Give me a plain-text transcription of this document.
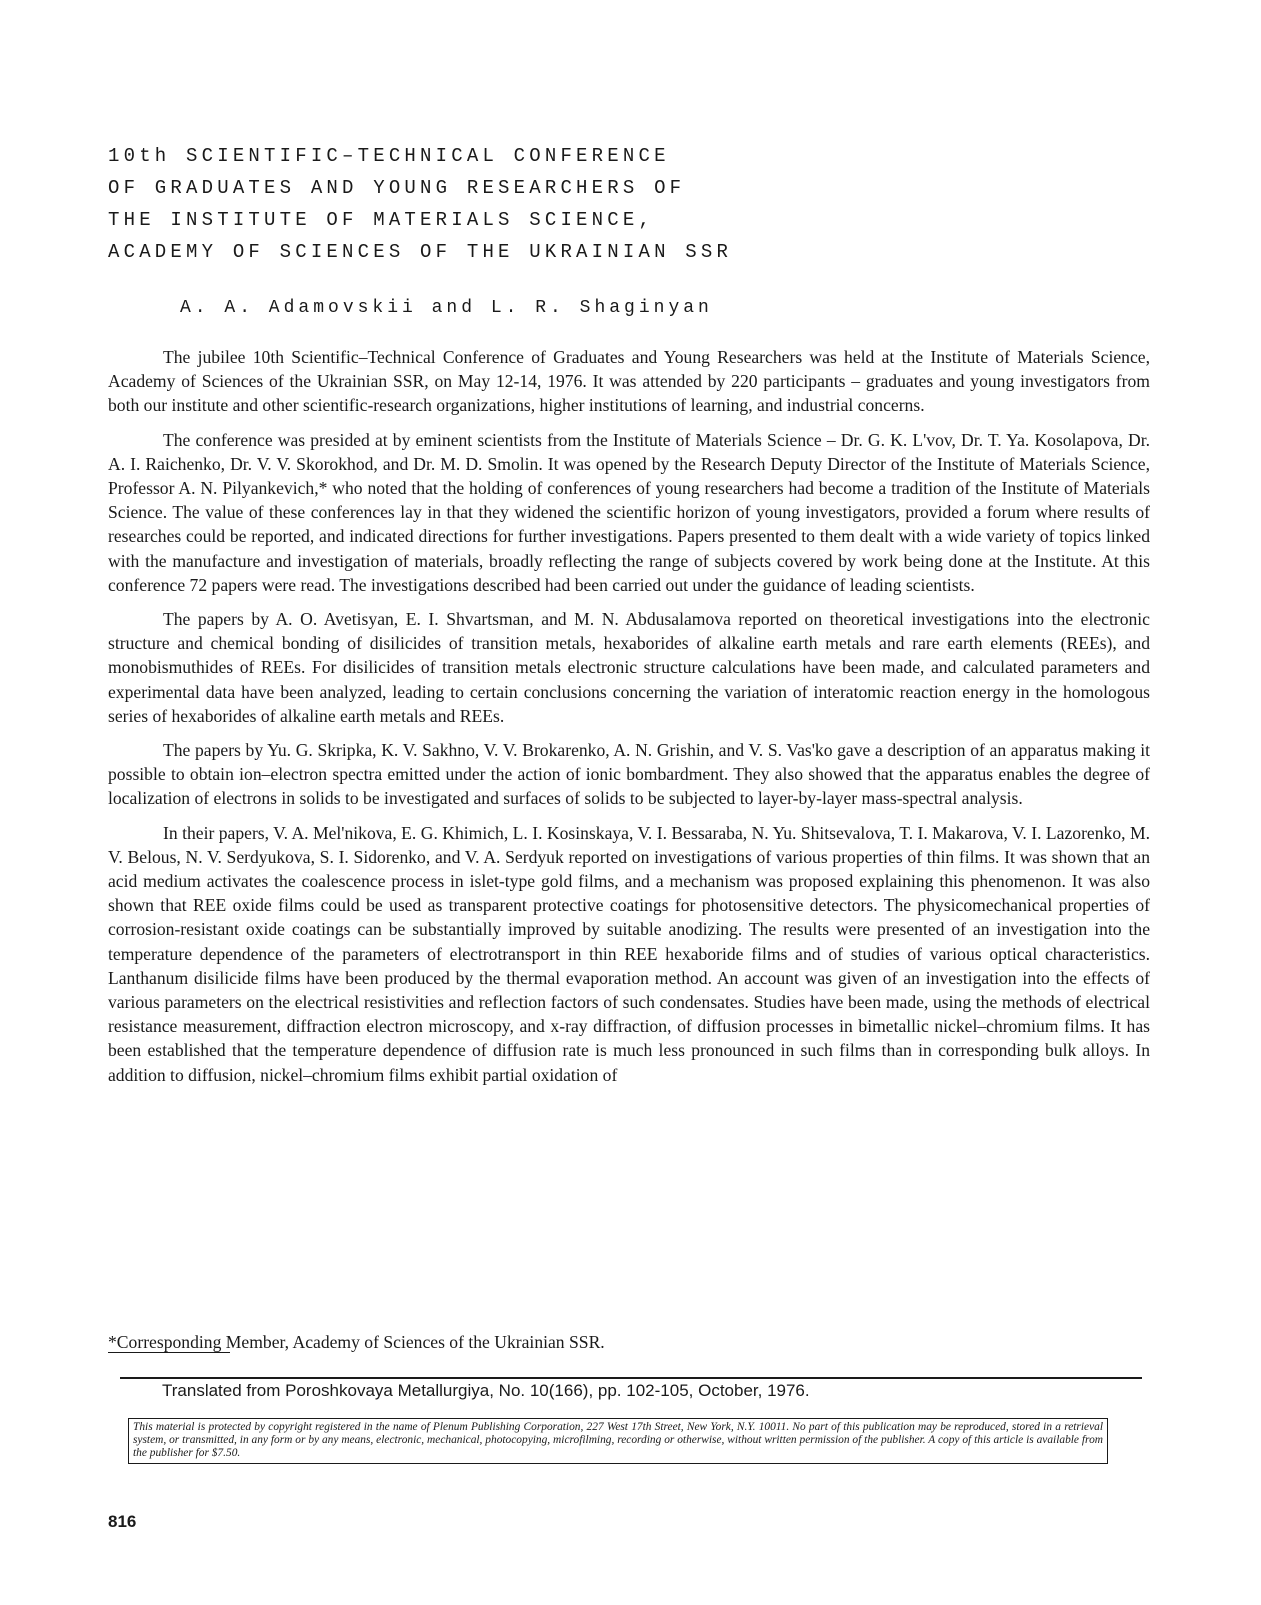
10th SCIENTIFIC–TECHNICAL CONFERENCE
OF GRADUATES AND YOUNG RESEARCHERS OF
THE INSTITUTE OF MATERIALS SCIENCE,
ACADEMY OF SCIENCES OF THE UKRAINIAN SSR
A. A. Adamovskii and L. R. Shaginyan

The jubilee 10th Scientific–Technical Conference of Graduates and Young Researchers was held at the Institute of Materials Science, Academy of Sciences of the Ukrainian SSR, on May 12-14, 1976. It was attended by 220 participants – graduates and young investigators from both our institute and other scientific-research organizations, higher institutions of learning, and industrial concerns.

The conference was presided at by eminent scientists from the Institute of Materials Science – Dr. G. K. L'vov, Dr. T. Ya. Kosolapova, Dr. A. I. Raichenko, Dr. V. V. Skorokhod, and Dr. M. D. Smolin. It was opened by the Research Deputy Director of the Institute of Materials Science, Professor A. N. Pilyankevich,* who noted that the holding of conferences of young researchers had become a tradition of the Institute of Materials Science. The value of these conferences lay in that they widened the scientific horizon of young investigators, provided a forum where results of researches could be reported, and indicated directions for further investigations. Papers presented to them dealt with a wide variety of topics linked with the manufacture and investigation of materials, broadly reflecting the range of subjects covered by work being done at the Institute. At this conference 72 papers were read. The investigations described had been carried out under the guidance of leading scientists.

The papers by A. O. Avetisyan, E. I. Shvartsman, and M. N. Abdusalamova reported on theoretical investigations into the electronic structure and chemical bonding of disilicides of transition metals, hexaborides of alkaline earth metals and rare earth elements (REEs), and monobismuthides of REEs. For disilicides of transition metals electronic structure calculations have been made, and calculated parameters and experimental data have been analyzed, leading to certain conclusions concerning the variation of interatomic reaction energy in the homologous series of hexaborides of alkaline earth metals and REEs.

The papers by Yu. G. Skripka, K. V. Sakhno, V. V. Brokarenko, A. N. Grishin, and V. S. Vas'ko gave a description of an apparatus making it possible to obtain ion–electron spectra emitted under the action of ionic bombardment. They also showed that the apparatus enables the degree of localization of electrons in solids to be investigated and surfaces of solids to be subjected to layer-by-layer mass-spectral analysis.

In their papers, V. A. Mel'nikova, E. G. Khimich, L. I. Kosinskaya, V. I. Bessaraba, N. Yu. Shitsevalova, T. I. Makarova, V. I. Lazorenko, M. V. Belous, N. V. Serdyukova, S. I. Sidorenko, and V. A. Serdyuk reported on investigations of various properties of thin films. It was shown that an acid medium activates the coalescence process in islet-type gold films, and a mechanism was proposed explaining this phenomenon. It was also shown that REE oxide films could be used as transparent protective coatings for photosensitive detectors. The physicomechanical properties of corrosion-resistant oxide coatings can be substantially improved by suitable anodizing. The results were presented of an investigation into the temperature dependence of the parameters of electrotransport in thin REE hexaboride films and of studies of various optical characteristics. Lanthanum disilicide films have been produced by the thermal evaporation method. An account was given of an investigation into the effects of various parameters on the electrical resistivities and reflection factors of such condensates. Studies have been made, using the methods of electrical resistance measurement, diffraction electron microscopy, and x-ray diffraction, of diffusion processes in bimetallic nickel–chromium films. It has been established that the temperature dependence of diffusion rate is much less pronounced in such films than in corresponding bulk alloys. In addition to diffusion, nickel–chromium films exhibit partial oxidation of

*Corresponding Member, Academy of Sciences of the Ukrainian SSR.
Translated from Poroshkovaya Metallurgiya, No. 10(166), pp. 102-105, October, 1976.
This material is protected by copyright registered in the name of Plenum Publishing Corporation, 227 West 17th Street, New York, N.Y. 10011. No part of this publication may be reproduced, stored in a retrieval system, or transmitted, in any form or by any means, electronic, mechanical, photocopying, microfilming, recording or otherwise, without written permission of the publisher. A copy of this article is available from the publisher for $7.50.
816
